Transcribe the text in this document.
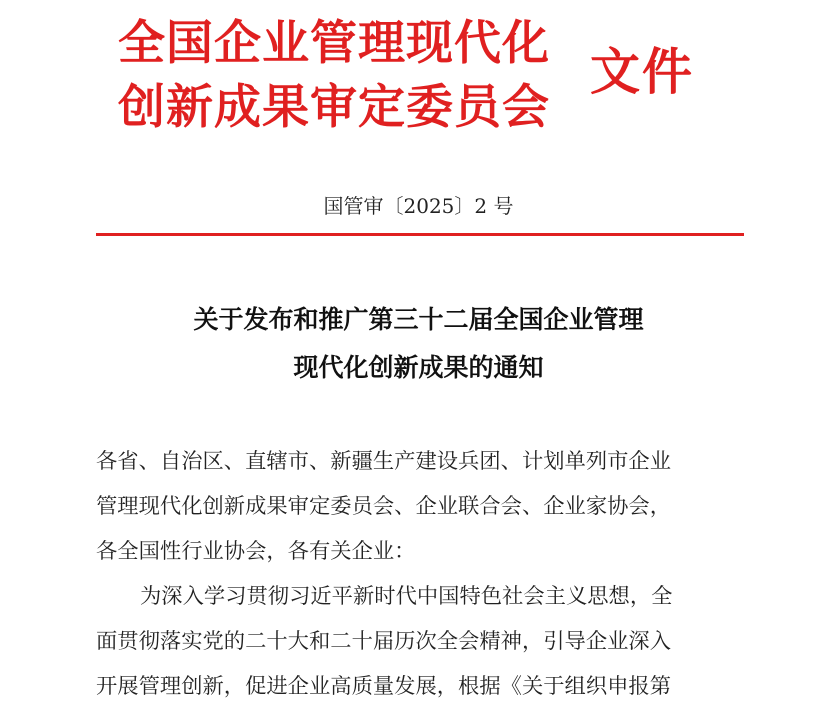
全国企业管理现代化
创新成果审定委员会
文件
国管审〔2025〕2 号
关于发布和推广第三十二届全国企业管理
现代化创新成果的通知
各省、自治区、直辖市、新疆生产建设兵团、计划单列市企业
管理现代化创新成果审定委员会、企业联合会、企业家协会，
各全国性行业协会，各有关企业：
为深入学习贯彻习近平新时代中国特色社会主义思想，全
面贯彻落实党的二十大和二十届历次全会精神，引导企业深入
开展管理创新，促进企业高质量发展，根据《关于组织申报第
